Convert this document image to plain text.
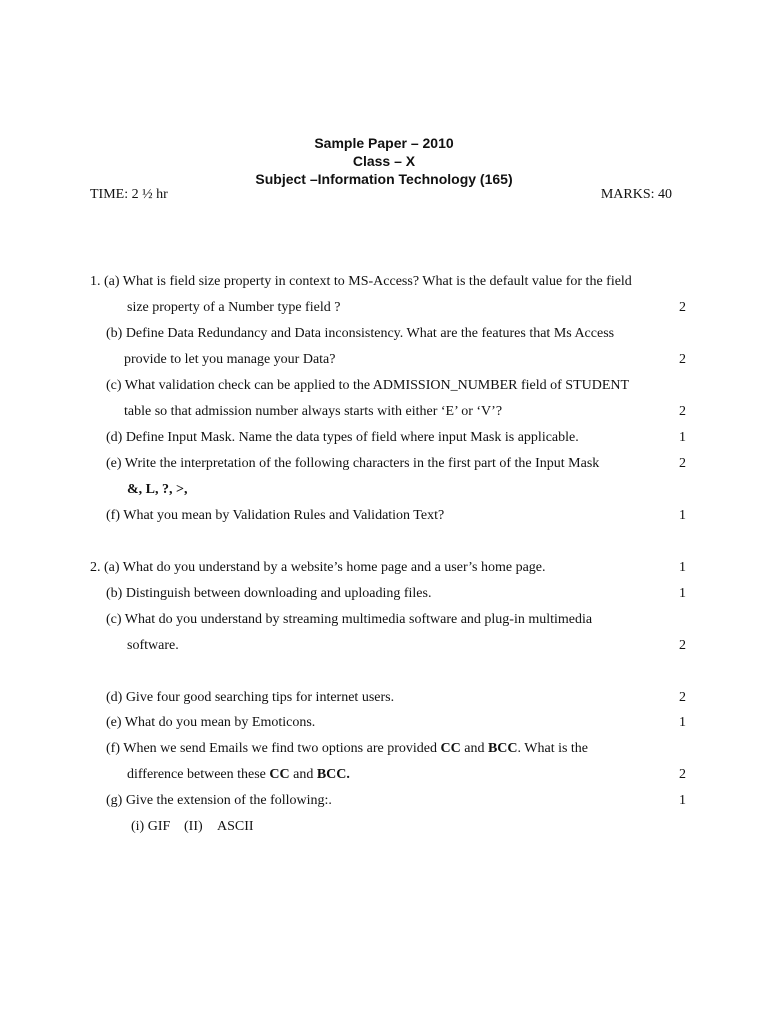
Sample Paper – 2010
Class – X
Subject –Information Technology (165)
TIME: 2 ½ hr	MARKS: 40
1. (a) What is field size property in context to MS-Access? What is the default value for the field
size property of a Number type field ?	2
(b) Define Data Redundancy and Data inconsistency. What are the features that Ms Access
provide to let you manage your Data?	2
(c) What validation check can be applied to the ADMISSION_NUMBER field of STUDENT
table so that admission number always starts with either ‘E’ or ‘V’?	2
(d) Define Input Mask. Name the data types of field where input Mask is applicable.	1
(e) Write the interpretation of the following characters in the first part of the Input Mask	2
&, L, ?, >,
(f) What you mean by Validation Rules and Validation Text?	1
2. (a) What do you understand by a website’s home page and a user’s home page.	1
(b) Distinguish between downloading and uploading files.	1
(c) What do you understand by streaming multimedia software and plug-in multimedia
software.	2
(d) Give four good searching tips for internet users.	2
(e) What do you mean by Emoticons.	1
(f) When we send Emails we find two options are provided CC and BCC. What is the
difference between these CC and BCC.	2
(g) Give the extension of the following:.	1
(i) GIF (II) ASCII
